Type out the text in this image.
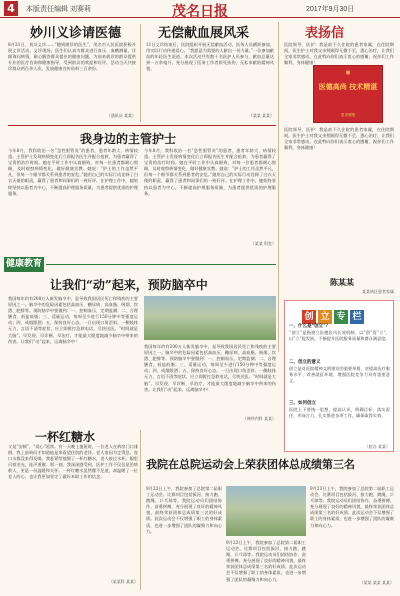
4	本版责任编辑 刘赛莉	茂名日报	2017年9月30日
妙川义诊请医德
8月31日，刘川义诊……“随到随诊的医生”，茂名市人民医院积极开展义诊活动。义诊现场，医生们认真为群众进行血压、血糖测量，详细询问病情，耐心解答群众提出的健康问题，为前来就诊的群众提供专业的医疗咨询和健康指导，受到群众的欢迎和好评。活动当天共接诊群众两百余人次，发放健康宣传资料三百余份。
（通讯员 某某）
无偿献血展风采
11日义诊结束后，医院组织开展无偿献血活动，医务人员踊跃参加，用实际行动传递爱心。“我愿意为需要的人献出一份力量。”一位参加献血的年轻医生说道。本次活动共有数十名医护人员参与，献血总量达到一万余毫升，充分展现了医务工作者救死扶伤、无私奉献的精神风貌。
（某某 某某）
表扬信
医院领导、医护：我是前不久住院的患者家属，在住院期间，医生护士对我父亲照顾得无微不至，悉心治疗，让我们全家非常感动。在此特向你们表示衷心的感谢，祝你们工作顺利，身体健康！
赠
医德高尚 技术精湛
患者敬赠
医院领导、医护：我是前不久住院的患者家属，在住院期间，医生护士对我父亲照顾得无微不至，悉心治疗，让我们全家非常感动。在此特向你们表示衷心的感谢，祝你们工作顺利，身体健康！
陈某某
某某病区患者家属
我身边的主管护士
今年8月，我科收治一名“急性胆管炎”的患者，患者年龄大、病情较重。主管护士发现病情变化后立即报告医生并配合抢救，为患者赢得了宝贵的治疗时间。她在平时工作中认真细致，对每一位患者都耐心照顾，及时观察病情变化，做好健康宣教。她说：“护士的工作虽然平凡，但每一个细节都关系到患者的安危。”她用自己的实际行动诠释了白衣天使的职责，赢得了患者和同事们的一致好评。在护理工作中，她始终坚持以患者为中心，不断提高护理服务质量，为患者提供优质的护理服务。
今年8月，我科收治一名“急性胆管炎”的患者，患者年龄大、病情较重。主管护士发现病情变化后立即报告医生并配合抢救，为患者赢得了宝贵的治疗时间。她在平时工作中认真细致，对每一位患者都耐心照顾，及时观察病情变化，做好健康宣教。她说：“护士的工作虽然平凡，但每一个细节都关系到患者的安危。”她用自己的实际行动诠释了白衣天使的职责，赢得了患者和同事们的一致好评。在护理工作中，她始终坚持以患者为中心，不断提高护理服务质量，为患者提供优质的护理服务。
（某某 科室）
健康教育
让我们“动”起来，预防脑卒中
我国每年约有200万人新发脑卒中，是导致我国居民死亡和残疾的主要原因之一。脑卒中的危险因素包括高血压、糖尿病、高血脂、吸烟、饮酒、肥胖等。预防脑卒中要做到：一、控制血压，定期监测；二、合理膳食，低盐低脂；三、适量运动，每周至少进行150分钟中等强度运动；四、戒烟限酒；五、保持良好心态。一旦出现口角歪斜、一侧肢体无力、言语不清等症状，应立即拨打急救电话，尽快送医。“时间就是大脑”，早发现、早诊断、早治疗，才能最大限度地减少脑卒中带来的伤害。让我们“动”起来，远离脑卒中！
我国每年约有200万人新发脑卒中，是导致我国居民死亡和残疾的主要原因之一。脑卒中的危险因素包括高血压、糖尿病、高血脂、吸烟、饮酒、肥胖等。预防脑卒中要做到：一、控制血压，定期监测；二、合理膳食，低盐低脂；三、适量运动，每周至少进行150分钟中等强度运动；四、戒烟限酒；五、保持良好心态。一旦出现口角歪斜、一侧肢体无力、言语不清等症状，应立即拨打急救电话，尽快送医。“时间就是大脑”，早发现、早诊断、早治疗，才能最大限度地减少脑卒中带来的伤害。让我们“动”起来，远离脑卒中！
（神经内科 某某）
一杯红糖水
又是“安顿”，“爱心”延续。有一天晚上值班时，一位老人在病房门口徘徊，我上前询问才知道他是来看望住院的老伴。老人家因为走得急，连口水都没来得及喝。我赶紧给他倒了一杯红糖水，老人接过水杯，眼里闪着泪光，连声道谢。那一刻，我深深感受到，医护工作不仅仅是治病救人，更是一份温暖和关怀。一杯红糖水虽然微不足道，却温暖了一位老人的心，也让我更加坚定了做好本职工作的信念。
（某某科 某某）
创 立 专 栏
一、什么是“创立”？
“创立”是指建立医德医风长效机制，以“创”促“立”，以“立”促发展，不断提升医院服务质量和群众满意度。
二、创立的意义
创立是对医院精神文明建设的重要举措，对提高医疗服务水平、改善就医环境、增强医院竞争力具有重要意义。
三、如何创立
医院上下要统一思想，提高认识，明确目标，落实责任，形成合力，扎实推进各项工作，确保取得实效。
（院办 某某）
我院在总院运动会上荣获团体总成绩第三名
9月23日上午，我院参加了总院第二届职工运动会。比赛项目包括拔河、接力跑、跳绳、乒乓球等。我院运动员们团结协作、奋勇拼搏，充分展现了良好的精神风貌，最终荣获团体总成绩第三名的好成绩。此次运动会不仅增强了职工的身体素质，也进一步增强了团队的凝聚力和向心力。
9月23日上午，我院参加了总院第二届职工运动会。比赛项目包括拔河、接力跑、跳绳、乒乓球等。我院运动员们团结协作、奋勇拼搏，充分展现了良好的精神风貌，最终荣获团体总成绩第三名的好成绩。此次运动会不仅增强了职工的身体素质，也进一步增强了团队的凝聚力和向心力。
9月23日上午，我院参加了总院第二届职工运动会。比赛项目包括拔河、接力跑、跳绳、乒乓球等。我院运动员们团结协作、奋勇拼搏，充分展现了良好的精神风貌，最终荣获团体总成绩第三名的好成绩。此次运动会不仅增强了职工的身体素质，也进一步增强了团队的凝聚力和向心力。
（某某 某某 某某）
